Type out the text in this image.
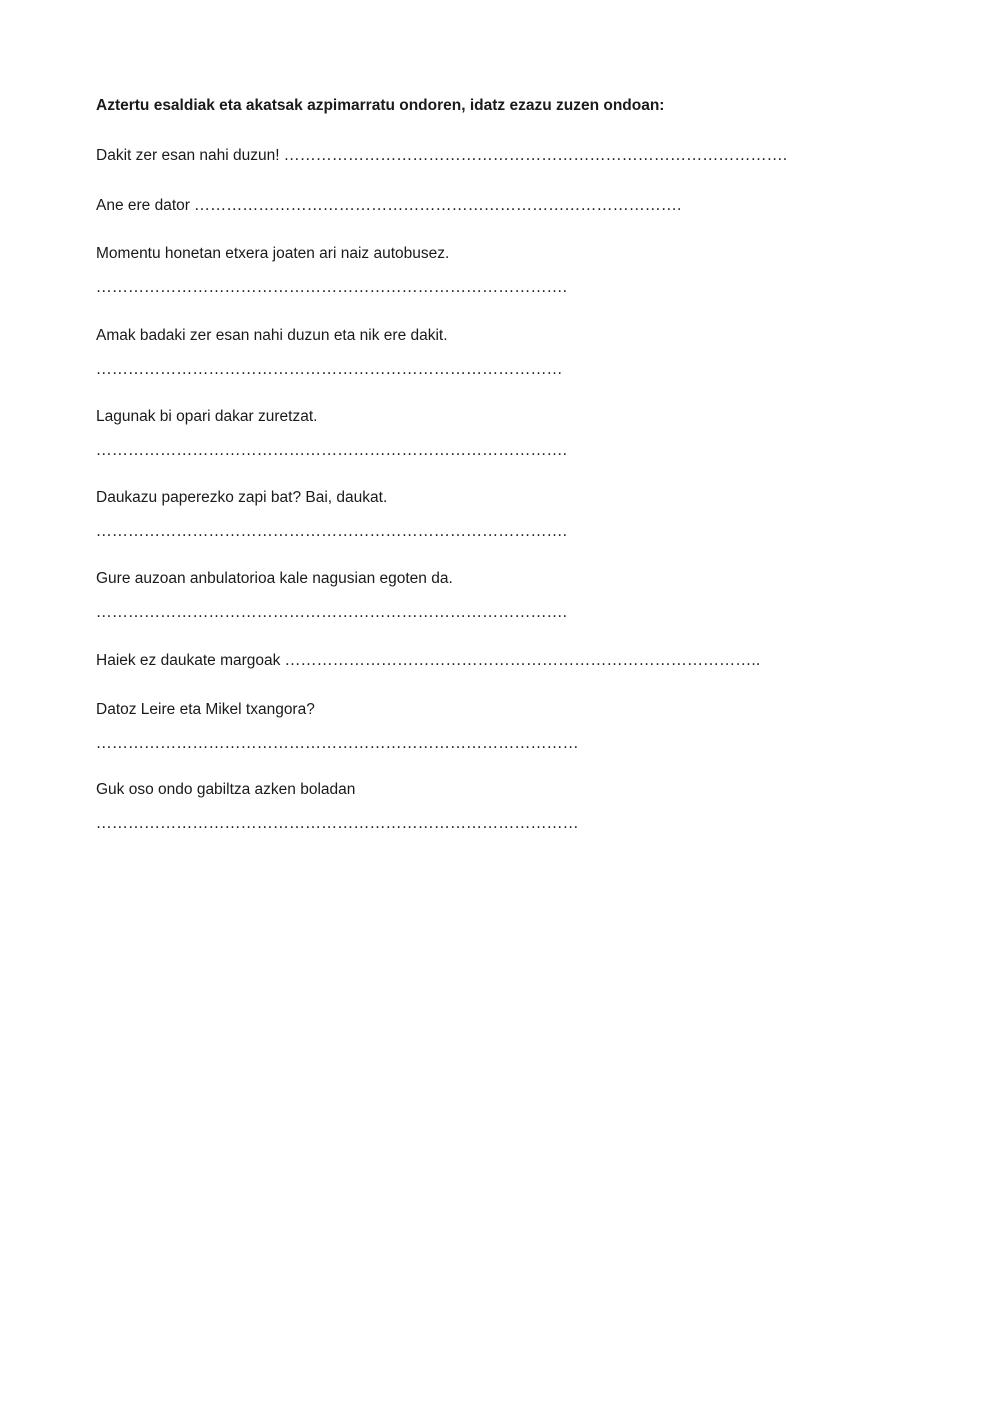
Aztertu esaldiak eta akatsak azpimarratu ondoren, idatz ezazu zuzen ondoan:
Dakit zer esan nahi duzun! ………………………………………………………………………………….
Ane ere dator ……………………………………………………………………………….
Momentu honetan etxera joaten ari naiz autobusez.
…………………………………………………………………………….
Amak badaki zer esan nahi duzun eta nik ere dakit.
……………………………………………………………………………
Lagunak bi opari dakar zuretzat.
…………………………………………………………………………….
Daukazu paperezko zapi bat? Bai, daukat.
…………………………………………………………………………….
Gure auzoan anbulatorioa kale nagusian egoten da.
…………………………………………………………………………….
Haiek ez daukate margoak ……………………………………………………………………………..
Datoz Leire eta Mikel txangora?
………………………………………………………………………………
Guk oso ondo gabiltza azken boladan
………………………………………………………………………………
